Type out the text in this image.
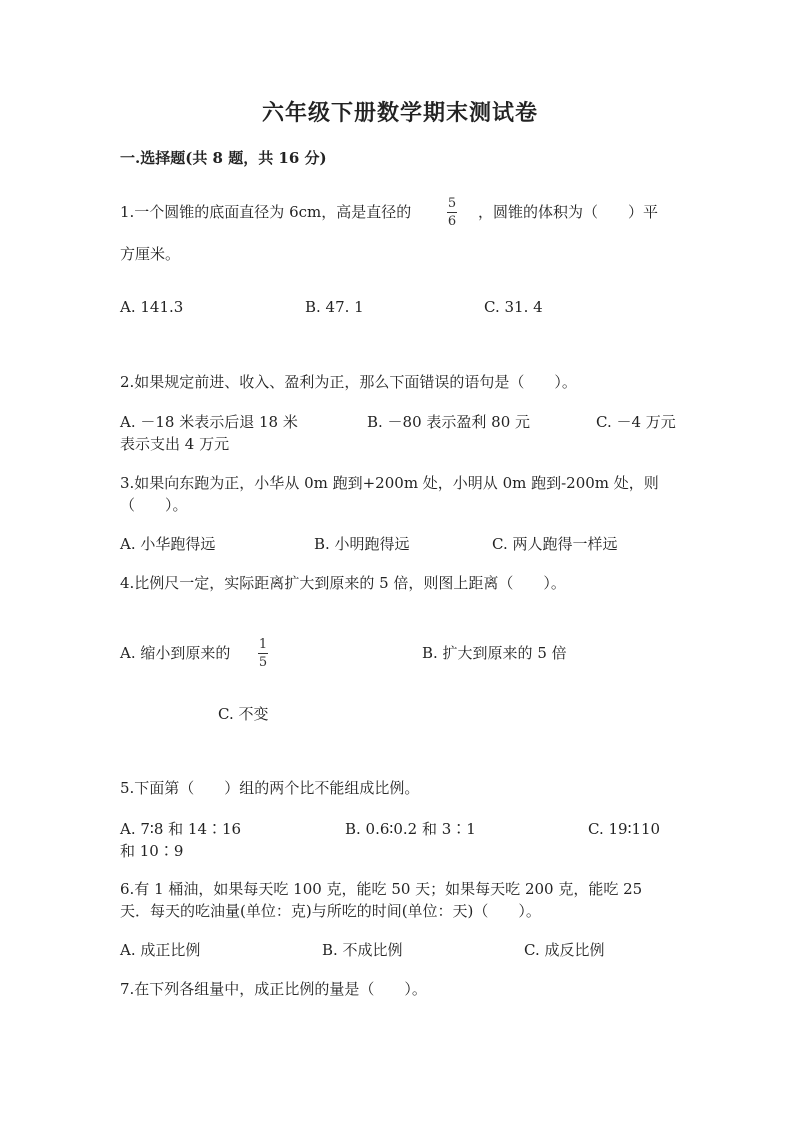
六年级下册数学期末测试卷
一.选择题(共 8 题，共 16 分)
1.一个圆锥的底面直径为 6cm，高是直径的	5
6
，圆锥的体积为（　　）平
方厘米。
A. 141.3	B. 47. 1	C. 31. 4
2.如果规定前进、收入、盈利为正，那么下面错误的语句是（　　）。
A. －18 米表示后退 18 米	B. －80 表示盈利 80 元	C. －4 万元
表示支出 4 万元
3.如果向东跑为正，小华从 0m 跑到+200m 处，小明从 0m 跑到-200m 处，则
（　　）。
A. 小华跑得远	B. 小明跑得远	C. 两人跑得一样远
4.比例尺一定，实际距离扩大到原来的 5 倍，则图上距离（　　）。
A. 缩小到原来的 1
5
B. 扩大到原来的 5 倍
C. 不变
5.下面第（　　）组的两个比不能组成比例。
A. 7∶8 和 14∶16	B. 0.6∶0.2 和 3∶1	C. 19∶110
和 10∶9
6.有 1 桶油，如果每天吃 100 克，能吃 50 天；如果每天吃 200 克，能吃 25
天．每天的吃油量(单位：克)与所吃的时间(单位：天)（　　）。
A. 成正比例	B. 不成比例	C. 成反比例
7.在下列各组量中，成正比例的量是（　　）。
